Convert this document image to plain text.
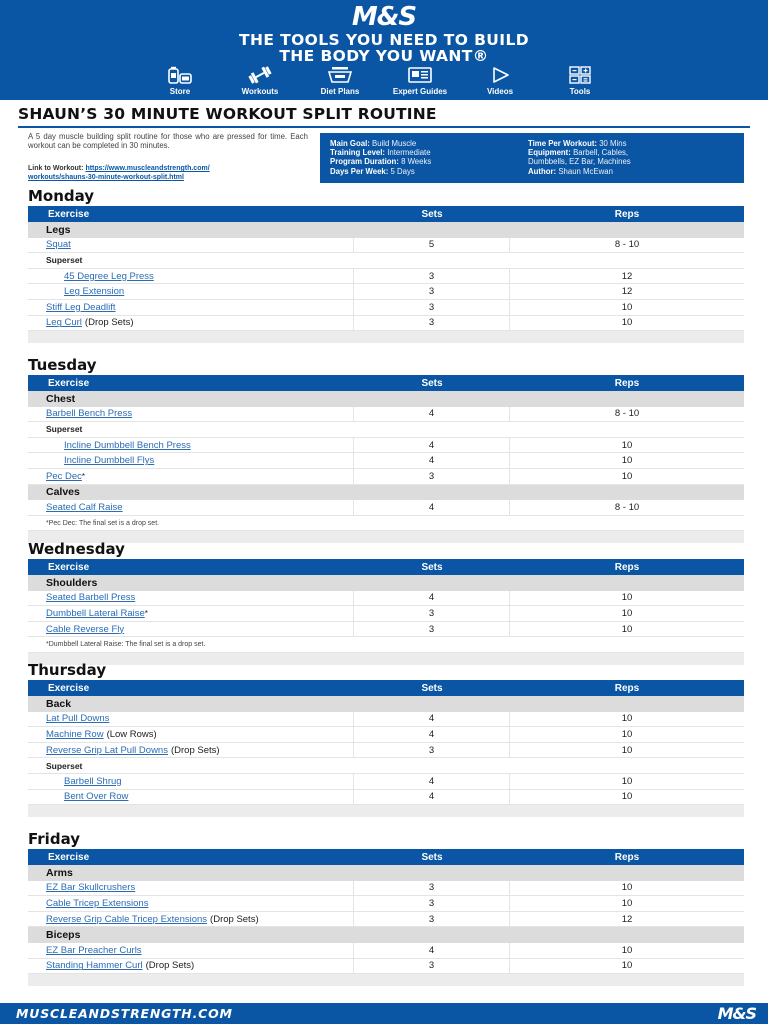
M&S
THE TOOLS YOU NEED TO BUILD
THE BODY YOU WANT®
Store	Workouts	Diet Plans	Expert Guides	Videos	Tools
SHAUN’S 30 MINUTE WORKOUT SPLIT ROUTINE
A 5 day muscle building split routine for those who are pressed for time. Each workout can be completed in 30 minutes.
Link to Workout: https://www.muscleandstrength.com/
workouts/shauns-30-minute-workout-split.html
Main Goal: Build Muscle
Training Level: Intermediate
Program Duration: 8 Weeks
Days Per Week: 5 Days
Time Per Workout: 30 Mins
Equipment: Barbell, Cables,
Dumbbells, EZ Bar, Machines
Author: Shaun McEwan
Monday
Exercise	Sets	Reps
Legs
Squat	5	8 - 10
Superset
45 Degree Leg Press	3	12
Leg Extension	3	12
Stiff Leg Deadlift	3	10
Leg Curl (Drop Sets)	3	10
Tuesday
Exercise	Sets	Reps
Chest
Barbell Bench Press	4	8 - 10
Superset
Incline Dumbbell Bench Press	4	10
Incline Dumbbell Flys	4	10
Pec Dec *	3	10
Calves
Seated Calf Raise	4	8 - 10
*Pec Dec: The final set is a drop set.
Wednesday
Exercise	Sets	Reps
Shoulders
Seated Barbell Press	4	10
Dumbbell Lateral Raise *	3	10
Cable Reverse Fly	3	10
*Dumbbell Lateral Raise: The final set is a drop set.
Thursday
Exercise	Sets	Reps
Back
Lat Pull Downs	4	10
Machine Row (Low Rows)	4	10
Reverse Grip Lat Pull Downs (Drop Sets)	3	10
Superset
Barbell Shrug	4	10
Bent Over Row	4	10
Friday
Exercise	Sets	Reps
Arms
EZ Bar Skullcrushers	3	10
Cable Tricep Extensions	3	10
Reverse Grip Cable Tricep Extensions (Drop Sets)	3	12
Biceps
EZ Bar Preacher Curls	4	10
Standing Hammer Curl (Drop Sets)	3	10
MUSCLEANDSTRENGTH.COM	M&S
